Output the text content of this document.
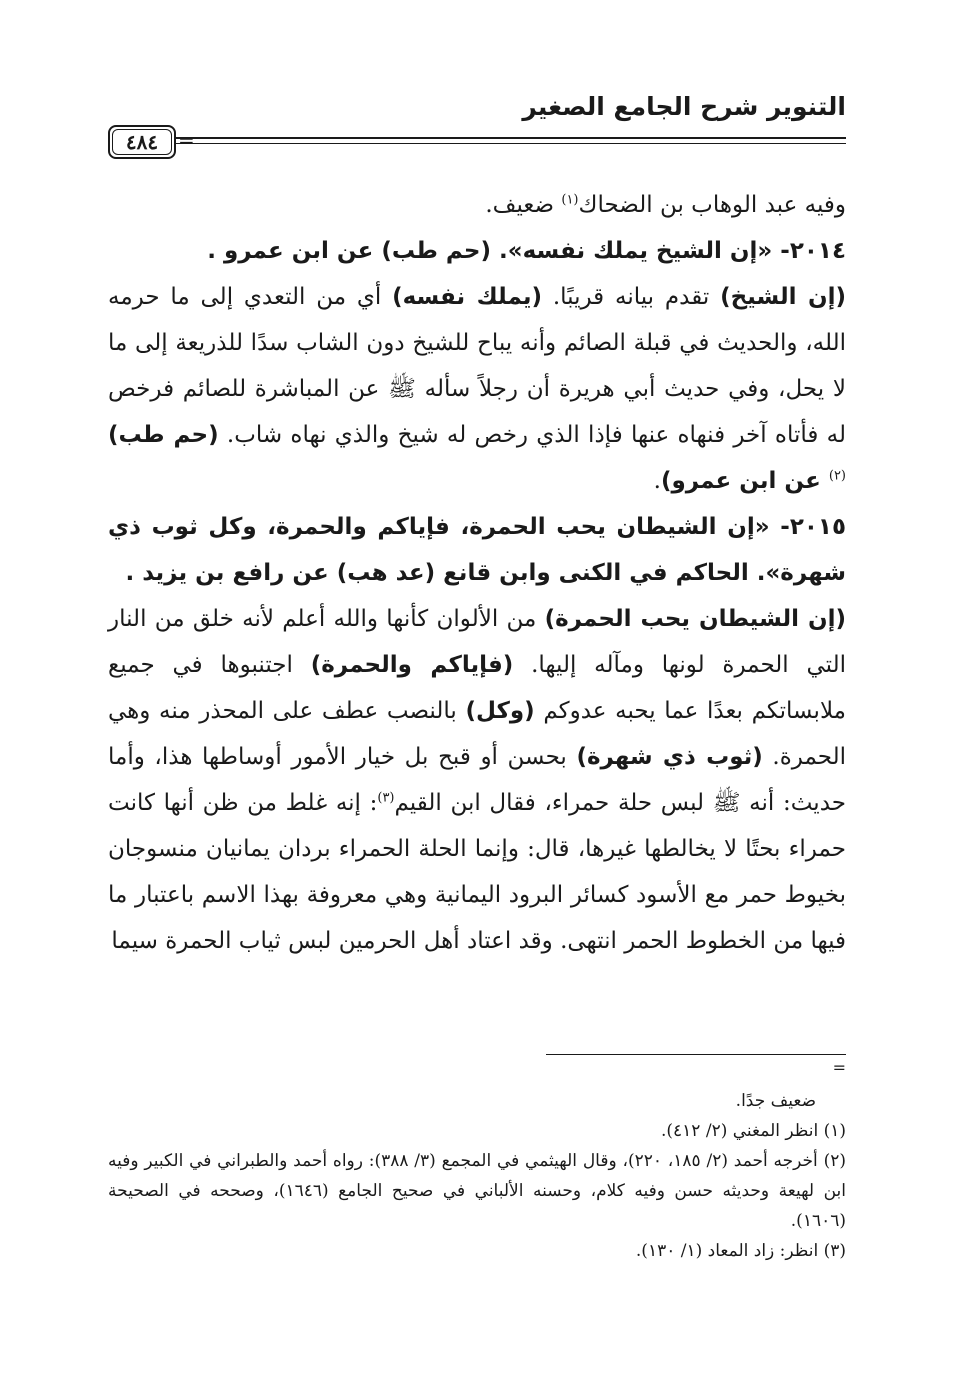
التنوير شرح الجامع الصغير
٤٨٤ =

وفيه عبد الوهاب بن الضحاك$^{(١)}$ ضعيف.

٢٠١٤- «إن الشيخ يملك نفسه». (حم طب) عن ابن عمرو .

(إن الشيخ) تقدم بيانه قريبًا. (يملك نفسه) أي من التعدي إلى ما حرمه الله، والحديث في قبلة الصائم وأنه يباح للشيخ دون الشاب سدًا للذريعة إلى ما لا يحل، وفي حديث أبي هريرة أن رجلاً سأله ﷺ عن المباشرة للصائم فرخص له فأتاه آخر فنهاه عنها فإذا الذي رخص له شيخ والذي نهاه شاب. (حم طب)$^{(٢)}$ عن ابن عمرو).

٢٠١٥- «إن الشيطان يحب الحمرة، فإياكم والحمرة، وكل ثوب ذي شهرة». الحاكم في الكنى وابن قانع (عد هب) عن رافع بن يزيد .

(إن الشيطان يحب الحمرة) من الألوان كأنها والله أعلم لأنه خلق من النار التي الحمرة لونها ومآله إليها. (فإياكم والحمرة) اجتنبوها في جميع ملابساتكم بعدًا عما يحبه عدوكم (وكل) بالنصب عطف على المحذر منه وهي الحمرة. (ثوب ذي شهرة) بحسن أو قبح بل خيار الأمور أوساطها هذا، وأما حديث: أنه ﷺ لبس حلة حمراء، فقال ابن القيم$^{(٣)}$: إنه غلط من ظن أنها كانت حمراء بحتًا لا يخالطها غيرها، قال: وإنما الحلة الحمراء بردان يمانيان منسوجان بخيوط حمر مع الأسود كسائر البرود اليمانية وهي معروفة بهذا الاسم باعتبار ما فيها من الخطوط الحمر انتهى. وقد اعتاد أهل الحرمين لبس ثياب الحمرة سيما

=

ضعيف جدًا.

(١) انظر المغني (٢/ ٤١٢).

(٢) أخرجه أحمد (٢/ ١٨٥، ٢٢٠)، وقال الهيثمي في المجمع (٣/ ٣٨٨): رواه أحمد والطبراني في الكبير وفيه ابن لهيعة وحديثه حسن وفيه كلام، وحسنه الألباني في صحيح الجامع (١٦٤٦)، وصححه في الصحيحة (١٦٠٦).

(٣) انظر: زاد المعاد (١/ ١٣٠).
